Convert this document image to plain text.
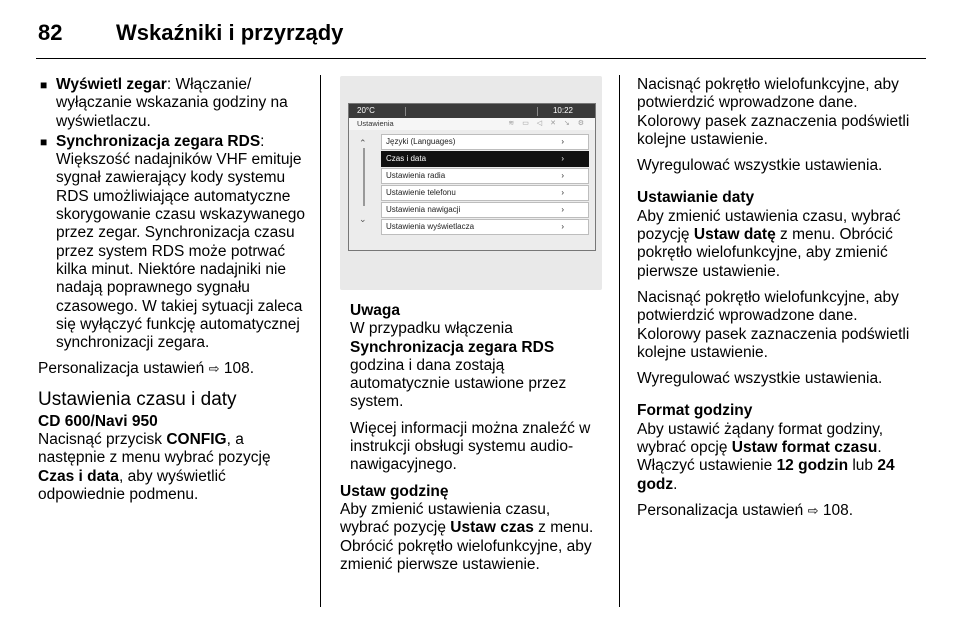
82 Wskaźniki i przyrządy
■ Wyświetl zegar: Włączanie/ wyłączanie wskazania godziny na wyświetlaczu.
■ Synchronizacja zegara RDS: Większość nadajników VHF emituje sygnał zawierający kody systemu RDS umożliwiające automatyczne skorygowanie czasu wskazywanego przez zegar. Synchronizacja czasu przez system RDS może potrwać kilka minut. Niektóre nadajniki nie nadają poprawnego sygnału czasowego. W takiej sytuacji zaleca się wyłączyć funkcję automatycznej synchronizacji zegara.

Personalizacja ustawień ⇨ 108.

Ustawienia czasu i daty
CD 600/Navi 950

Nacisnąć przycisk CONFIG, a następnie z menu wybrać pozycję Czas i data, aby wyświetlić odpowiednie podmenu.

20°C	10:22
Ustawienia	≋ ▭ ◁ ✕ ↘ ⚙
⌃
⌄
Języki (Languages)	›
Czas i data	›
Ustawienia radia	›
Ustawienie telefonu	›
Ustawienia nawigacji	›
Ustawienia wyświetlacza	›
Uwaga
W przypadku włączenia
Synchronizacja zegara RDS

godzina i dana zostają automatycznie ustawione przez system.

Więcej informacji można znaleźć w instrukcji obsługi systemu audio-nawigacyjnego.

Ustaw godzinę

Aby zmienić ustawienia czasu, wybrać pozycję Ustaw czas z menu. Obrócić pokrętło wielofunkcyjne, aby zmienić pierwsze ustawienie.

Nacisnąć pokrętło wielofunkcyjne, aby potwierdzić wprowadzone dane. Kolorowy pasek zaznaczenia podświetli kolejne ustawienie.

Wyregulować wszystkie ustawienia.

Ustawianie daty

Aby zmienić ustawienia czasu, wybrać pozycję Ustaw datę z menu. Obrócić pokrętło wielofunkcyjne, aby zmienić pierwsze ustawienie.

Nacisnąć pokrętło wielofunkcyjne, aby potwierdzić wprowadzone dane. Kolorowy pasek zaznaczenia podświetli kolejne ustawienie.

Wyregulować wszystkie ustawienia.

Format godziny

Aby ustawić żądany format godziny, wybrać opcję Ustaw format czasu. Włączyć ustawienie 12 godzin lub 24 godz.

Personalizacja ustawień ⇨ 108.
